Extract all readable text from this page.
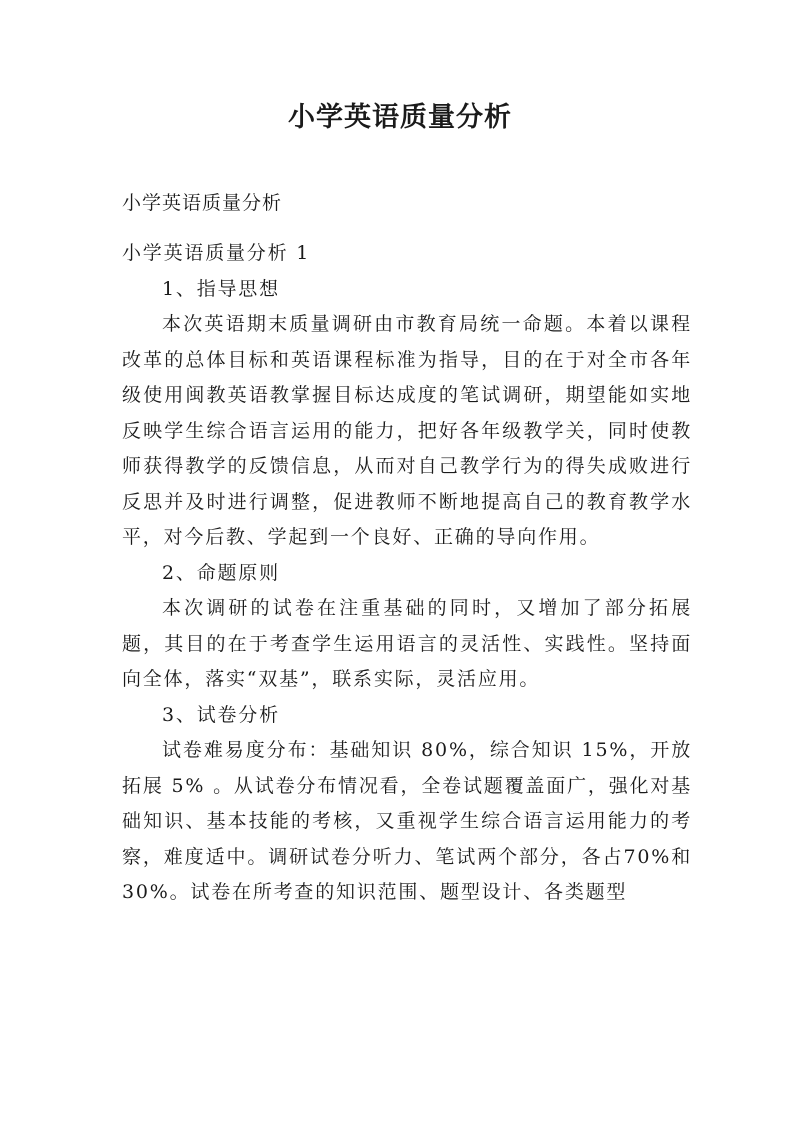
小学英语质量分析

小学英语质量分析

小学英语质量分析 1

1、指导思想

本次英语期末质量调研由市教育局统一命题。本着以课程改革的总体目标和英语课程标准为指导，目的在于对全市各年级使用闽教英语教掌握目标达成度的笔试调研，期望能如实地反映学生综合语言运用的能力，把好各年级教学关，同时使教师获得教学的反馈信息，从而对自己教学行为的得失成败进行反思并及时进行调整，促进教师不断地提高自己的教育教学水平，对今后教、学起到一个良好、正确的导向作用。

2、命题原则

本次调研的试卷在注重基础的同时，又增加了部分拓展题，其目的在于考查学生运用语言的灵活性、实践性。坚持面向全体，落实“双基”，联系实际，灵活应用。

3、试卷分析

试卷难易度分布：基础知识 80%，综合知识 15%，开放拓展 5% 。从试卷分布情况看，全卷试题覆盖面广，强化对基础知识、基本技能的考核，又重视学生综合语言运用能力的考察，难度适中。调研试卷分听力、笔试两个部分，各占70%和 30%。试卷在所考查的知识范围、题型设计、各类题型
